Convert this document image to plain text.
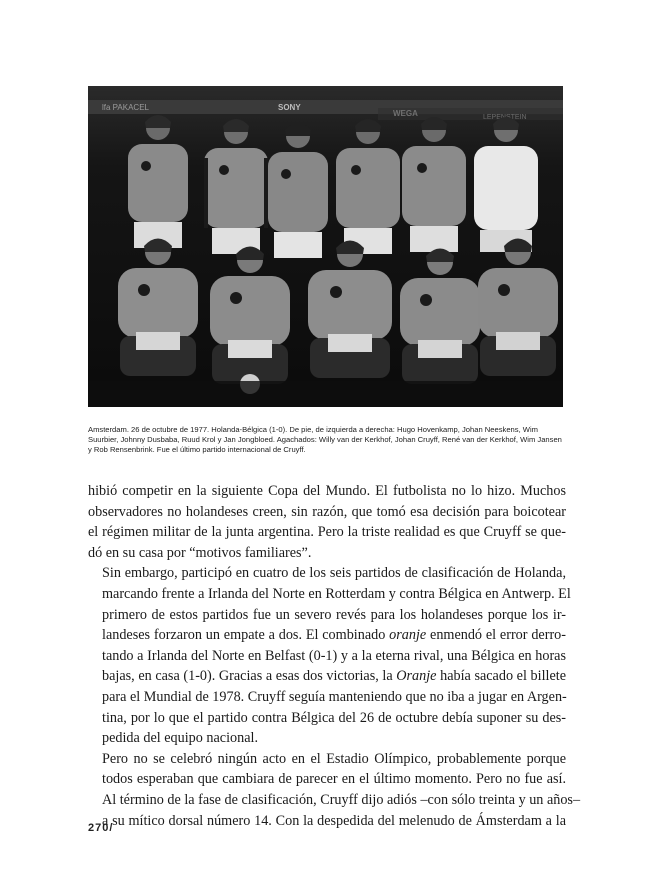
lfa PAKACEL	SONY
Amsterdam. 26 de octubre de 1977. Holanda-Bélgica (1-0). De pie, de izquierda a derecha: Hugo Hovenkamp, Johan Neeskens, Wim Suurbier, Johnny Dusbaba, Ruud Krol y Jan Jongbloed. Agachados: Willy van der Kerkhof, Johan Cruyff, René van der Kerkhof, Wim Jansen y Rob Rensenbrink. Fue el último partido internacional de Cruyff.

hibió competir en la siguiente Copa del Mundo. El futbolista no lo hizo. Muchos
observadores no holandeses creen, sin razón, que tomó esa decisión para boicotear
el régimen militar de la junta argentina. Pero la triste realidad es que Cruyff se que-
dó en su casa por “motivos familiares”.

Sin embargo, participó en cuatro de los seis partidos de clasificación de Holanda,
marcando frente a Irlanda del Norte en Rotterdam y contra Bélgica en Antwerp. El
primero de estos partidos fue un severo revés para los holandeses porque los ir-
landeses forzaron un empate a dos. El combinado oranje enmendó el error derro-
tando a Irlanda del Norte en Belfast (0-1) y a la eterna rival, una Bélgica en horas
bajas, en casa (1-0). Gracias a esas dos victorias, la Oranje había sacado el billete
para el Mundial de 1978. Cruyff seguía manteniendo que no iba a jugar en Argen-
tina, por lo que el partido contra Bélgica del 26 de octubre debía suponer su des-
pedida del equipo nacional.

Pero no se celebró ningún acto en el Estadio Olímpico, probablemente porque
todos esperaban que cambiara de parecer en el último momento. Pero no fue así.
Al término de la fase de clasificación, Cruyff dijo adiós –con sólo treinta y un años–
a su mítico dorsal número 14. Con la despedida del melenudo de Ámsterdam a la

270/
